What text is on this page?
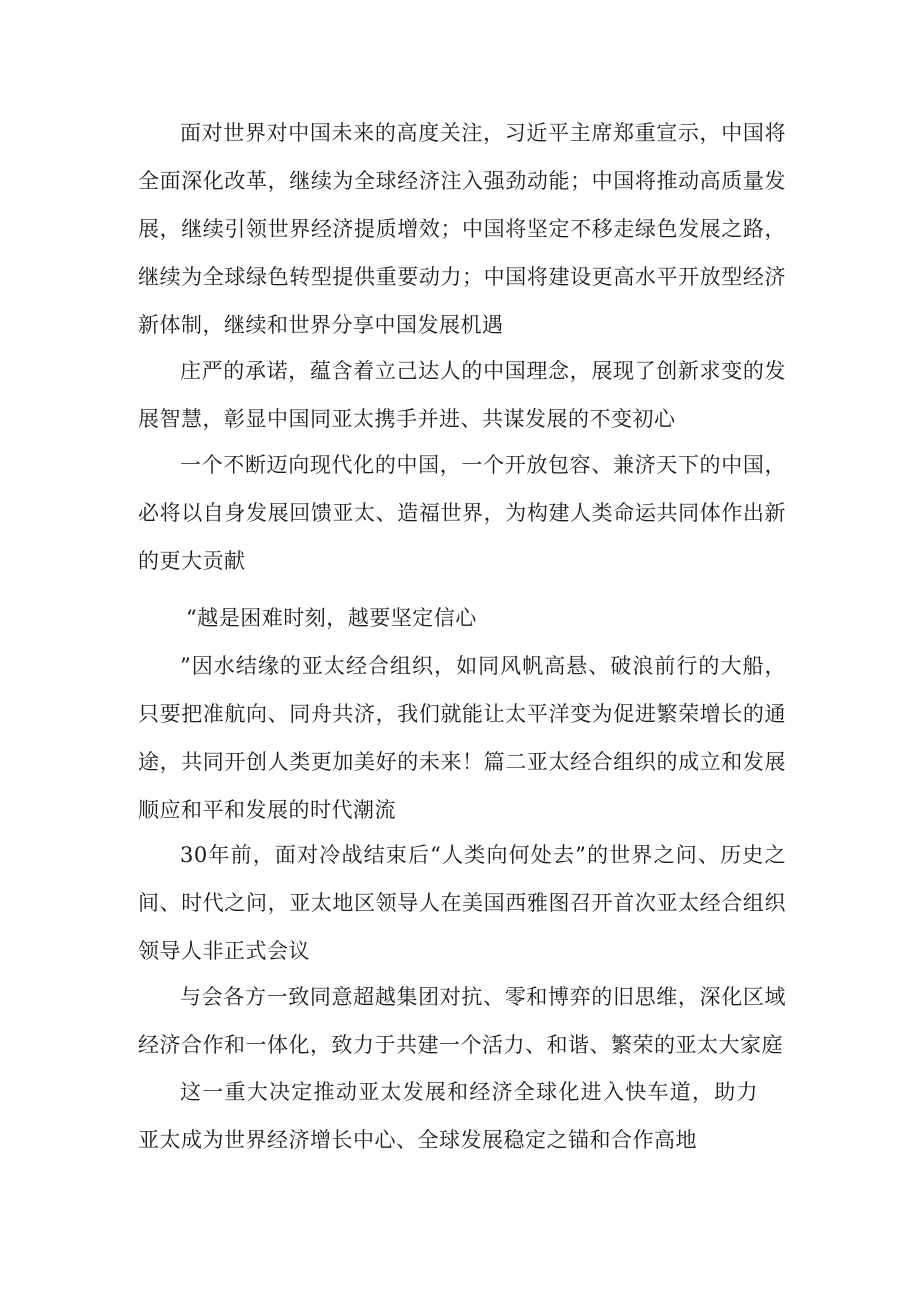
面对世界对中国未来的高度关注，习近平主席郑重宣示，中国将全面深化改革，继续为全球经济注入强劲动能；中国将推动高质量发展，继续引领世界经济提质增效；中国将坚定不移走绿色发展之路，继续为全球绿色转型提供重要动力；中国将建设更高水平开放型经济新体制，继续和世界分享中国发展机遇

庄严的承诺，蕴含着立己达人的中国理念，展现了创新求变的发展智慧，彰显中国同亚太携手并进、共谋发展的不变初心

一个不断迈向现代化的中国，一个开放包容、兼济天下的中国，必将以自身发展回馈亚太、造福世界，为构建人类命运共同体作出新的更大贡献

“越是困难时刻，越要坚定信心

”因水结缘的亚太经合组织，如同风帆高悬、破浪前行的大船，只要把准航向、同舟共济，我们就能让太平洋变为促进繁荣增长的通途，共同开创人类更加美好的未来！篇二亚太经合组织的成立和发展顺应和平和发展的时代潮流

30年前，面对冷战结束后“人类向何处去”的世界之问、历史之间、时代之问，亚太地区领导人在美国西雅图召开首次亚太经合组织领导人非正式会议

与会各方一致同意超越集团对抗、零和博弈的旧思维，深化区域经济合作和一体化，致力于共建一个活力、和谐、繁荣的亚太大家庭

这一重大决定推动亚太发展和经济全球化进入快车道，助力亚太成为世界经济增长中心、全球发展稳定之锚和合作高地
